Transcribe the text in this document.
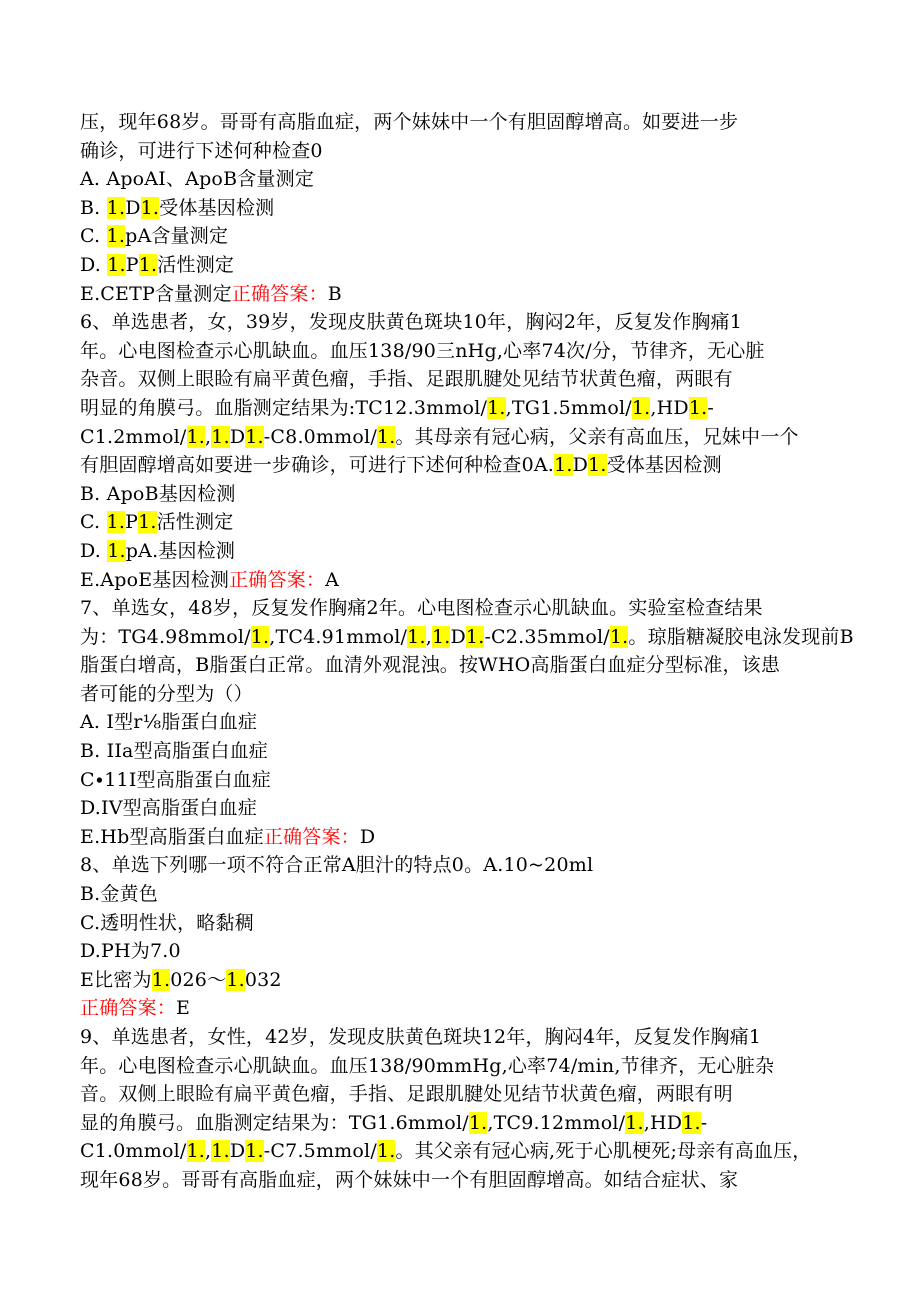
压，现年68岁。哥哥有高脂血症，两个妹妹中一个有胆固醇增高。如要进一步
确诊，可进行下述何种检查0
A. ApoAI、ApoB含量测定
B. 1.D1.受体基因检测
C. 1.pA含量测定
D. 1.P1.活性测定
E.CETP含量测定正确答案：B
6、单选患者，女，39岁，发现皮肤黄色斑块10年，胸闷2年，反复发作胸痛1
年。心电图检查示心肌缺血。血压138/90三nHg,心率74次/分，节律齐，无心脏
杂音。双侧上眼睑有扁平黄色瘤，手指、足跟肌腱处见结节状黄色瘤，两眼有
明显的角膜弓。血脂测定结果为:TC12.3mmol/1.,TG1.5mmol/1.,HD1.-
C1.2mmol/1.,1.D1.-C8.0mmol/1.。其母亲有冠心病，父亲有高血压，兄妹中一个
有胆固醇增高如要进一步确诊，可进行下述何种检查0A.1.D1.受体基因检测
B. ApoB基因检测
C. 1.P1.活性测定
D. 1.pA.基因检测
E.ApoE基因检测正确答案：A
7、单选女，48岁，反复发作胸痛2年。心电图检查示心肌缺血。实验室检查结果
为：TG4.98mmol/1.,TC4.91mmol/1.,1.D1.-C2.35mmol/1.。琼脂糖凝胶电泳发现前B
脂蛋白增高，B脂蛋白正常。血清外观混浊。按WHO高脂蛋白血症分型标准，该患
者可能的分型为（）
A. I型r⅛脂蛋白血症
B. IIa型高脂蛋白血症
C∙11I型高脂蛋白血症
D.IV型高脂蛋白血症
E.Hb型高脂蛋白血症正确答案：D
8、单选下列哪一项不符合正常A胆汁的特点0。A.10~20ml
B.金黄色
C.透明性状，略黏稠
D.PH为7.0
E比密为1.026～1.032
正确答案：E
9、单选患者，女性，42岁，发现皮肤黄色斑块12年，胸闷4年，反复发作胸痛1
年。心电图检查示心肌缺血。血压138/90mmHg,心率74/min,节律齐，无心脏杂
音。双侧上眼睑有扁平黄色瘤，手指、足跟肌腱处见结节状黄色瘤，两眼有明
显的角膜弓。血脂测定结果为：TG1.6mmol/1.,TC9.12mmol/1.,HD1.-
C1.0mmol/1.,1.D1.-C7.5mmol/1.。其父亲有冠心病,死于心肌梗死;母亲有高血压，
现年68岁。哥哥有高脂血症，两个妹妹中一个有胆固醇增高。如结合症状、家
